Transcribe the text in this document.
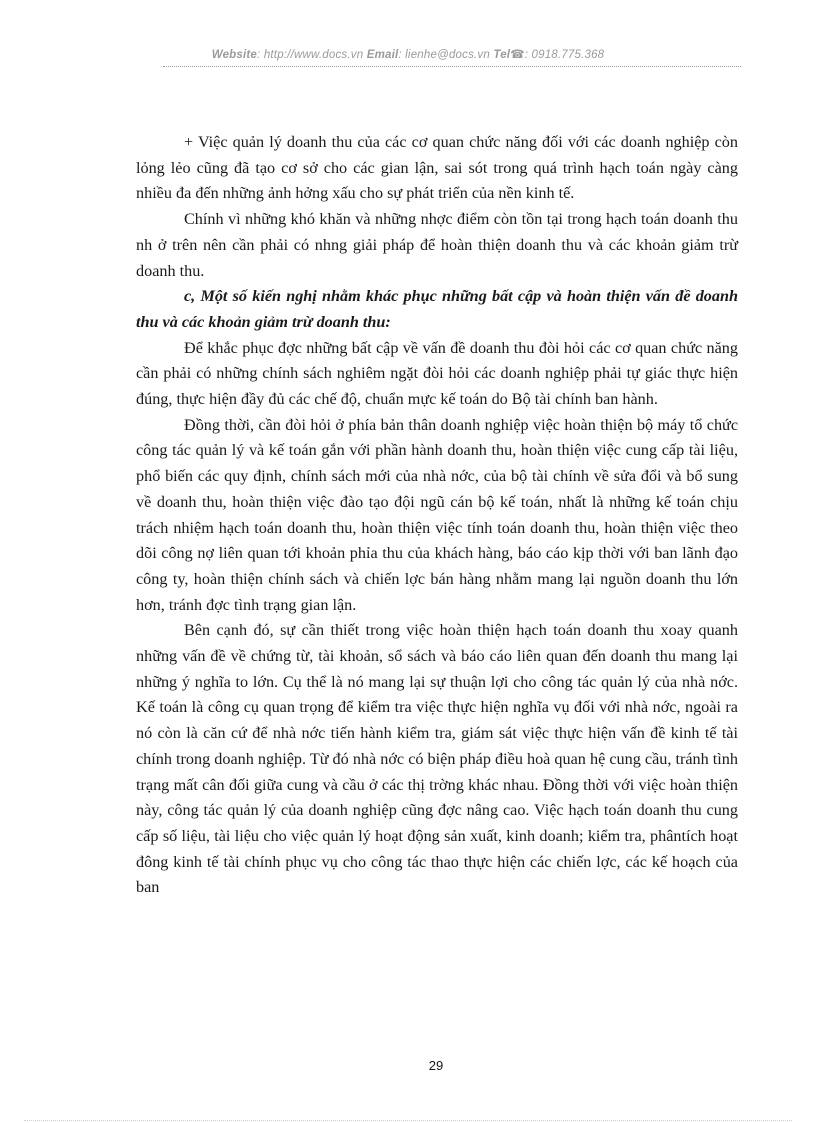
Website: http://www.docs.vn Email: lienhe@docs.vn Tel☎: 0918.775.368

+ Việc quản lý doanh thu của các cơ quan chức năng đối với các doanh nghiệp còn lỏng lẻo cũng đã tạo cơ sở cho các gian lận, sai sót trong quá trình hạch toán ngày càng nhiều đa đến những ảnh hởng xấu cho sự phát triển của nền kinh tế.

Chính vì những khó khăn và những nhợc điểm còn tồn tại trong hạch toán doanh thu nh ở trên nên cần phải có nhng giải pháp để hoàn thiện doanh thu và các khoản giảm trừ doanh thu.

c, Một số kiến nghị nhằm khác phục những bất cập và hoàn thiện vấn đề doanh thu và các khoản giảm trừ doanh thu:

Để khắc phục đợc những bất cập về vấn đề doanh thu đòi hỏi các cơ quan chức năng cần phải có những chính sách nghiêm ngặt đòi hỏi các doanh nghiệp phải tự giác thực hiện đúng, thực hiện đầy đủ các chế độ, chuẩn mực kế toán do Bộ tài chính ban hành.

Đồng thời, cần đòi hỏi ở phía bản thân doanh nghiệp việc hoàn thiện bộ máy tổ chức công tác quản lý và kế toán gắn với phần hành doanh thu, hoàn thiện việc cung cấp tài liệu, phổ biến các quy định, chính sách mới của nhà nớc, của bộ tài chính về sửa đổi và bổ sung về doanh thu, hoàn thiện việc đào tạo đội ngũ cán bộ kế toán, nhất là những kế toán chịu trách nhiệm hạch toán doanh thu, hoàn thiện việc tính toán doanh thu, hoàn thiện việc theo dõi công nợ liên quan tới khoản phỉa thu của khách hàng, báo cáo kịp thời với ban lãnh đạo công ty, hoàn thiện chính sách và chiến lợc bán hàng nhằm mang lại nguồn doanh thu lớn hơn, tránh đợc tình trạng gian lận.

Bên cạnh đó, sự cần thiết trong việc hoàn thiện hạch toán doanh thu xoay quanh những vấn đề về chứng từ, tài khoản, sổ sách và báo cáo liên quan đến doanh thu mang lại những ý nghĩa to lớn. Cụ thể là nó mang lại sự thuận lợi cho công tác quản lý của nhà nớc. Kế toán là công cụ quan trọng để kiểm tra việc thực hiện nghĩa vụ đối với nhà nớc, ngoài ra nó còn là căn cứ để nhà nớc tiến hành kiểm tra, giám sát việc thực hiện vấn đề kinh tế tài chính trong doanh nghiệp. Từ đó nhà nớc có biện pháp điều hoà quan hệ cung cầu, tránh tình trạng mất cân đối giữa cung và cầu ở các thị trờng khác nhau. Đồng thời với việc hoàn thiện này, công tác quản lý của doanh nghiệp cũng đợc nâng cao. Việc hạch toán doanh thu cung cấp số liệu, tài liệu cho việc quản lý hoạt động sản xuất, kinh doanh; kiểm tra, phântích hoạt đông kinh tế tài chính phục vụ cho công tác thao thực hiện các chiến lợc, các kế hoạch của ban

29
